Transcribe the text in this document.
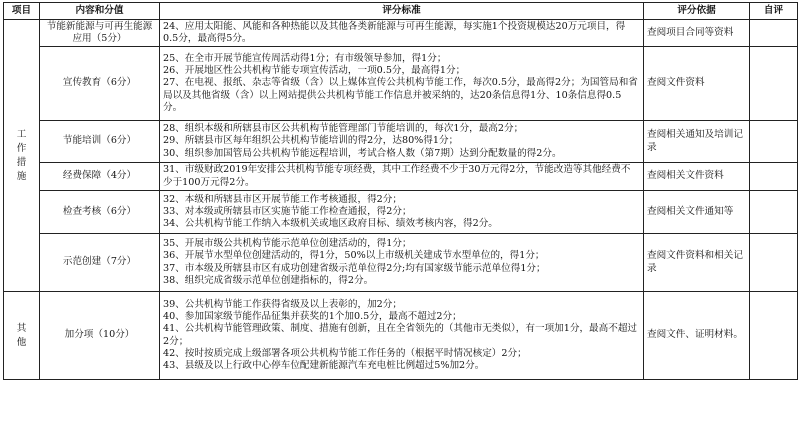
项目	内容和分值	评分标准	评分依据	自评
工作措施	节能新能源与可再生能源应用（5分）	24、应用太阳能、风能和各种热能以及其他各类新能源与可再生能源，每实施1个投资规模达20万元项目，得0.5分，最高得5分。	查阅项目合同等资料	
	宣传教育（6分）	25、在全市开展节能宣传周活动得1分；有市级领导参加，得1分；
26、开展地区性公共机构节能专项宣传活动，一项0.5分，最高得1分；
27、在电视、报纸、杂志等省级（含）以上媒体宣传公共机构节能工作，每次0.5分，最高得2分；为国管局和省局以及其他省级（含）以上网站提供公共机构节能工作信息并被采纳的，达20条信息得1分、10条信息得0.5分。	查阅文件资料	
	节能培训（6分）	28、组织本级和所辖县市区公共机构节能管理部门节能培训的，每次1分，最高2分；
29、所辖县市区每年组织公共机构节能培训的得2分，达80%得1分；
30、组织参加国管局公共机构节能远程培训，考试合格人数（第7期）达到分配数量的得2分。	查阅相关通知及培训记录	
	经费保障（4分）	31、市级财政2019年安排公共机构节能专项经费，其中工作经费不少于30万元得2分，节能改造等其他经费不少于100万元得2分。	查阅相关文件资料	
	检查考核（6分）	32、本级和所辖县市区开展节能工作考核通报，得2分；
33、对本级或所辖县市区实施节能工作检查通报，得2分；
34、公共机构节能工作纳入本级机关或地区政府目标、绩效考核内容，得2分。	查阅相关文件通知等	
	示范创建（7分）	35、开展市级公共机构节能示范单位创建活动的，得1分；
36、开展节水型单位创建活动的，得1分，50%以上市级机关建成节水型单位的，得1分；
37、市本级及所辖县市区有成功创建省级示范单位得2分;均有国家级节能示范单位得1分；
38、组织完成省级示范单位创建指标的，得2分。	查阅文件资料和相关记录	
其他	加分项（10分）	39、公共机构节能工作获得省级及以上表彰的，加2分；
40、参加国家级节能作品征集并获奖的1个加0.5分，最高不超过2分；
41、公共机构节能管理政策、制度、措施有创新，且在全省领先的（其他市无类似），有一项加1分，最高不超过2分；
42、按时按质完成上级部署各项公共机构节能工作任务的（根据平时情况核定）2分；
43、县级及以上行政中心停车位配建新能源汽车充电桩比例超过5%加2分。	查阅文件、证明材料。	
